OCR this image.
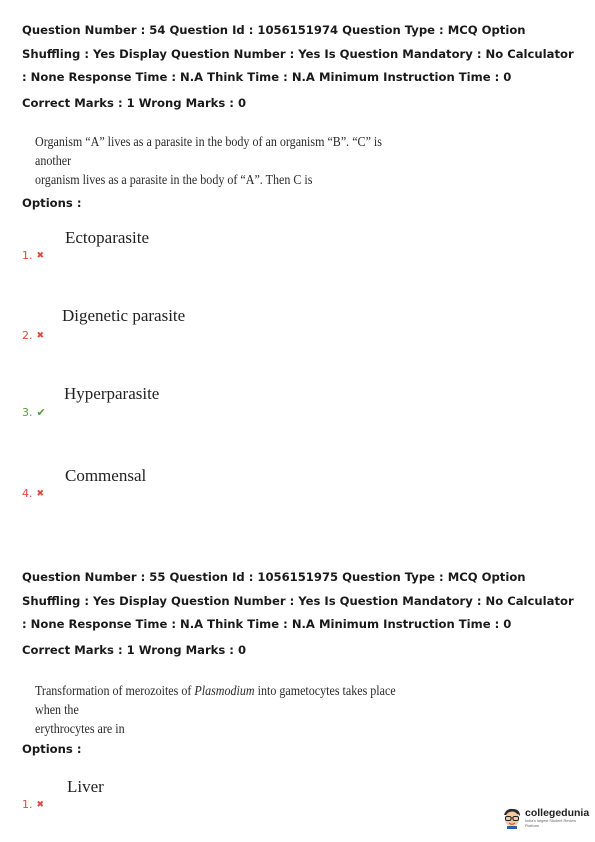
Question Number : 54 Question Id : 1056151974 Question Type : MCQ Option Shuffling : Yes Display Question Number : Yes Is Question Mandatory : No Calculator : None Response Time : N.A Think Time : N.A Minimum Instruction Time : 0

Correct Marks : 1 Wrong Marks : 0

Organism “A” lives as a parasite in the body of an organism “B”. “C” is another
organism lives as a parasite in the body of “A”. Then C is

Options :

Ectoparasite

1. ✖

Digenetic parasite

2. ✖

Hyperparasite

3. ✔

Commensal

4. ✖

Question Number : 55 Question Id : 1056151975 Question Type : MCQ Option Shuffling : Yes Display Question Number : Yes Is Question Mandatory : No Calculator : None Response Time : N.A Think Time : N.A Minimum Instruction Time : 0

Correct Marks : 1 Wrong Marks : 0

Transformation of merozoites of Plasmodium into gametocytes takes place when the
erythrocytes are in

Options :

Liver

1. ✖

collegedunia
India's largest Student Review Platform
